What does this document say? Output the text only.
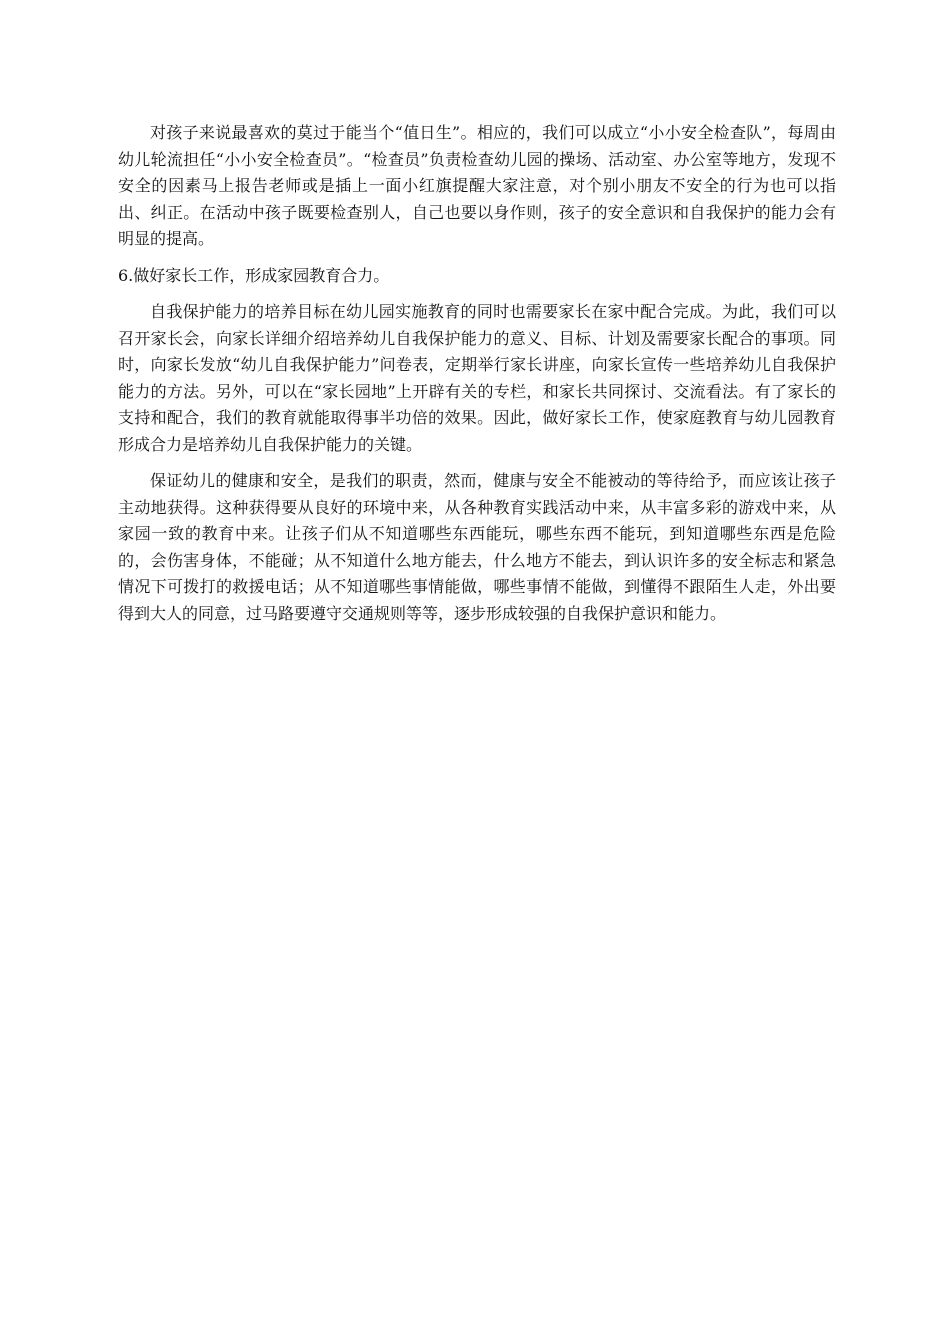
对孩子来说最喜欢的莫过于能当个“值日生”。相应的，我们可以成立“小小安全检查队”，每周由幼儿轮流担任“小小安全检查员”。“检查员”负责检查幼儿园的操场、活动室、办公室等地方，发现不安全的因素马上报告老师或是插上一面小红旗提醒大家注意，对个别小朋友不安全的行为也可以指出、纠正。在活动中孩子既要检查别人，自己也要以身作则，孩子的安全意识和自我保护的能力会有明显的提高。

6.做好家长工作，形成家园教育合力。

自我保护能力的培养目标在幼儿园实施教育的同时也需要家长在家中配合完成。为此，我们可以召开家长会，向家长详细介绍培养幼儿自我保护能力的意义、目标、计划及需要家长配合的事项。同时，向家长发放“幼儿自我保护能力”问卷表，定期举行家长讲座，向家长宣传一些培养幼儿自我保护能力的方法。另外，可以在“家长园地”上开辟有关的专栏，和家长共同探讨、交流看法。有了家长的支持和配合，我们的教育就能取得事半功倍的效果。因此，做好家长工作，使家庭教育与幼儿园教育形成合力是培养幼儿自我保护能力的关键。

保证幼儿的健康和安全，是我们的职责，然而，健康与安全不能被动的等待给予，而应该让孩子主动地获得。这种获得要从良好的环境中来，从各种教育实践活动中来，从丰富多彩的游戏中来，从家园一致的教育中来。让孩子们从不知道哪些东西能玩，哪些东西不能玩，到知道哪些东西是危险的，会伤害身体，不能碰；从不知道什么地方能去，什么地方不能去，到认识许多的安全标志和紧急情况下可拨打的救援电话；从不知道哪些事情能做，哪些事情不能做，到懂得不跟陌生人走，外出要得到大人的同意，过马路要遵守交通规则等等，逐步形成较强的自我保护意识和能力。
